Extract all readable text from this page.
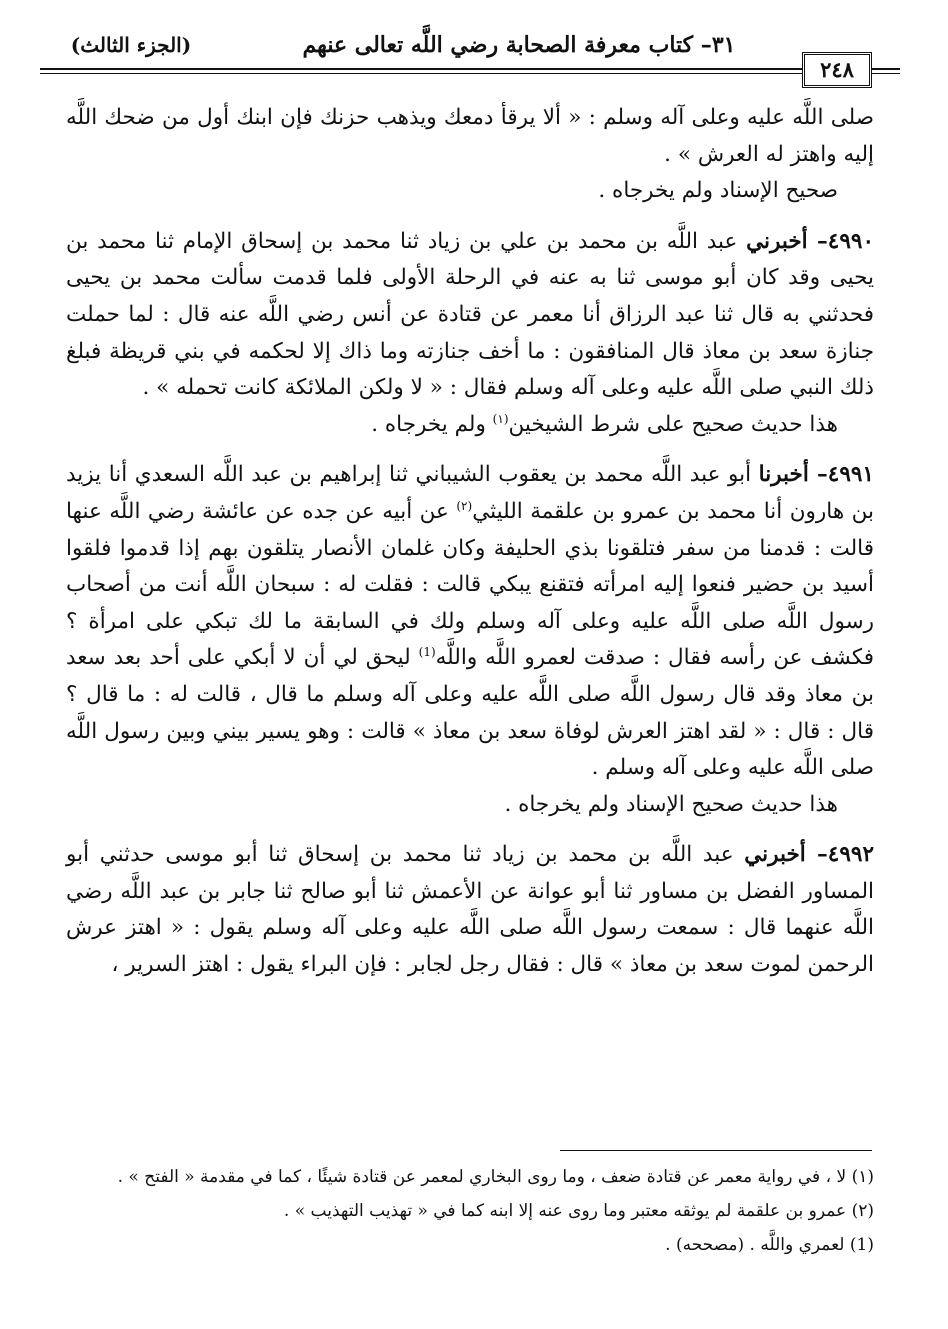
٣١– كتاب معرفة الصحابة رضي اللَّه تعالى عنهم
(الجزء الثالث)
٢٤٨

صلى اللَّه عليه وعلى آله وسلم : « ألا يرقأ دمعك ويذهب حزنك فإن ابنك أول من ضحك اللَّه إليه واهتز له العرش » .

صحيح الإسناد ولم يخرجاه .

٤٩٩٠– أخبرني عبد اللَّه بن محمد بن علي بن زياد ثنا محمد بن إسحاق الإمام ثنا محمد بن يحيى وقد كان أبو موسى ثنا به عنه في الرحلة الأولى فلما قدمت سألت محمد بن يحيى فحدثني به قال ثنا عبد الرزاق أنا معمر عن قتادة عن أنس رضي اللَّه عنه قال : لما حملت جنازة سعد بن معاذ قال المنافقون : ما أخف جنازته وما ذاك إلا لحكمه في بني قريظة فبلغ ذلك النبي صلى اللَّه عليه وعلى آله وسلم فقال : « لا ولكن الملائكة كانت تحمله » .

هذا حديث صحيح على شرط الشيخين$^{(١)}$ ولم يخرجاه .

٤٩٩١– أخبرنا أبو عبد اللَّه محمد بن يعقوب الشيباني ثنا إبراهيم بن عبد اللَّه السعدي أنا يزيد بن هارون أنا محمد بن عمرو بن علقمة الليثي$^{(٢)}$ عن أبيه عن جده عن عائشة رضي اللَّه عنها قالت : قدمنا من سفر فتلقونا بذي الحليفة وكان غلمان الأنصار يتلقون بهم إذا قدموا فلقوا أسيد بن حضير فنعوا إليه امرأته فتقنع يبكي قالت : فقلت له : سبحان اللَّه أنت من أصحاب رسول اللَّه صلى اللَّه عليه وعلى آله وسلم ولك في السابقة ما لك تبكي على امرأة ؟ فكشف عن رأسه فقال : صدقت لعمرو اللَّه واللَّه$^{(1)}$ ليحق لي أن لا أبكي على أحد بعد سعد بن معاذ وقد قال رسول اللَّه صلى اللَّه عليه وعلى آله وسلم ما قال ، قالت له : ما قال ؟ قال : قال : « لقد اهتز العرش لوفاة سعد بن معاذ » قالت : وهو يسير بيني وبين رسول اللَّه صلى اللَّه عليه وعلى آله وسلم .

هذا حديث صحيح الإسناد ولم يخرجاه .

٤٩٩٢– أخبرني عبد اللَّه بن محمد بن زياد ثنا محمد بن إسحاق ثنا أبو موسى حدثني أبو المساور الفضل بن مساور ثنا أبو عوانة عن الأعمش ثنا أبو صالح ثنا جابر بن عبد اللَّه رضي اللَّه عنهما قال : سمعت رسول اللَّه صلى اللَّه عليه وعلى آله وسلم يقول : « اهتز عرش الرحمن لموت سعد بن معاذ » قال : فقال رجل لجابر : فإن البراء يقول : اهتز السرير ،

(١) لا ، في رواية معمر عن قتادة ضعف ، وما روى البخاري لمعمر عن قتادة شيئًا ، كما في مقدمة « الفتح » .
(٢) عمرو بن علقمة لم يوثقه معتبر وما روى عنه إلا ابنه كما في « تهذيب التهذيب » .
(1) لعمري واللَّه . (مصححه) .
